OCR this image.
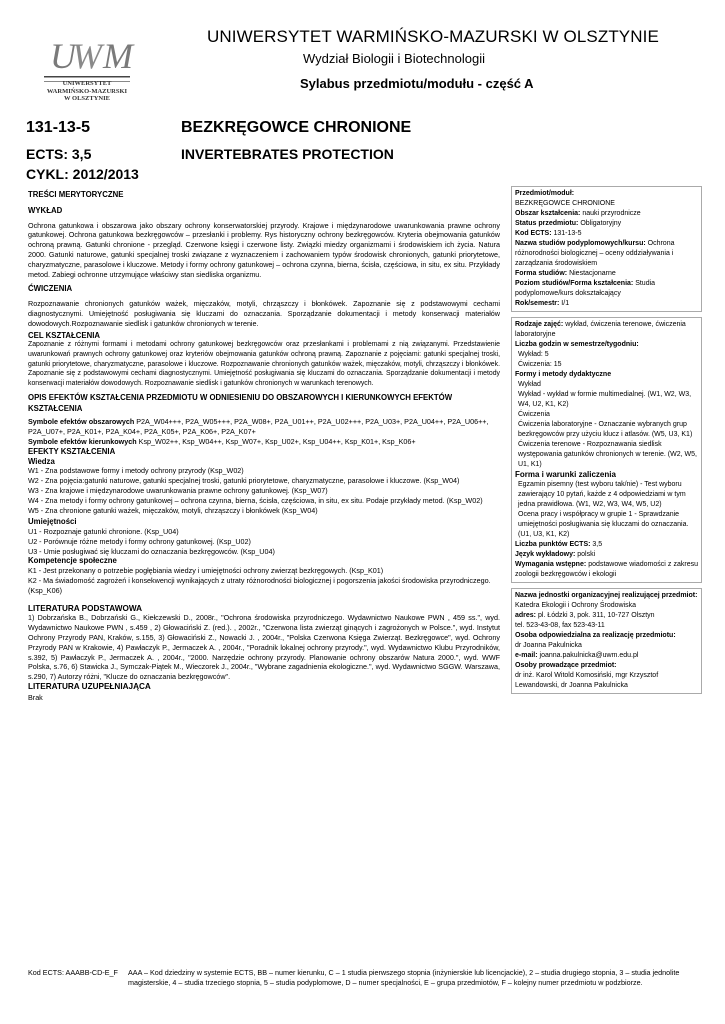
U
W M
UNIWERSYTET
WARMIŃSKO-MAZURSKI
W OLSZTYNIE
UNIWERSYTET WARMIŃSKO-MAZURSKI W OLSZTYNIE
Wydział Biologii i Biotechnologii
Sylabus przedmiotu/modułu - część A
131-13-5	BEZKRĘGOWCE CHRONIONE
ECTS: 3,5	INVERTEBRATES PROTECTION
CYKL: 2012/2013
TREŚCI MERYTORYCZNE
WYKŁAD

Ochrona gatunkowa i obszarowa jako obszary ochrony konserwatorskiej przyrody. Krajowe i międzynarodowe uwarunkowania prawne ochrony gatunkowej. Ochrona gatunkowa bezkręgowców – przesłanki i problemy. Rys historyczny ochrony bezkręgowców. Kryteria obejmowania gatunków ochroną prawną. Gatunki chronione - przegląd. Czerwone księgi i czerwone listy. Związki miedzy organizmami i środowiskiem ich życia. Natura 2000. Gatunki naturowe, gatunki specjalnej troski związane z wyznaczeniem i zachowaniem typów środowisk chronionych, gatunki priorytetowe, charyzmatyczne, parasolowe i kluczowe. Metody i formy ochrony gatunkowej – ochrona czynna, bierna, ścisła, częściowa, in situ, ex situ. Przykłady metod. Zabiegi ochronne utrzymujące właściwy stan siedliska organizmu.

ĆWICZENIA

Rozpoznawanie chronionych gatunków ważek, mięczaków, motyli, chrząszczy i błonkówek. Zapoznanie się z podstawowymi cechami diagnostycznymi. Umiejętność posługiwania się kluczami do oznaczania. Sporządzanie dokumentacji i metody konserwacji materiałów dowodowych.Rozpoznawanie siedlisk i gatunków chronionych w terenie.

CEL KSZTAŁCENIA

Zapoznanie z różnymi formami i metodami ochrony gatunkowej bezkręgowców oraz przesłankami i problemami z nią związanymi. Przedstawienie uwarunkowań prawnych ochrony gatunkowej oraz kryteriów obejmowania gatunków ochroną prawną. Zapoznanie z pojęciami: gatunki specjalnej troski, gatunki priorytetowe, charyzmatyczne, parasolowe i kluczowe. Rozpoznawanie chronionych gatunków ważek, mięczaków, motyli, chrząszczy i błonkówek. Zapoznanie się z podstawowymi cechami diagnostycznymi. Umiejętność posługiwania się kluczami do oznaczania. Sporządzanie dokumentacji i metody konserwacji materiałów dowodowych. Rozpoznawanie siedlisk i gatunków chronionych w warunkach terenowych.

OPIS EFEKTÓW KSZTAŁCENIA PRZEDMIOTU W ODNIESIENIU DO OBSZAROWYCH I KIERUNKOWYCH EFEKTÓW KSZTAŁCENIA

Symbole efektów obszarowych P2A_W04+++, P2A_W05+++, P2A_W08+, P2A_U01++, P2A_U02+++, P2A_U03+, P2A_U04++, P2A_U06++, P2A_U07+, P2A_K01+, P2A_K04+, P2A_K05+, P2A_K06+, P2A_K07+

Symbole efektów kierunkowych Ksp_W02++, Ksp_W04++, Ksp_W07+, Ksp_U02+, Ksp_U04++, Ksp_K01+, Ksp_K06+

EFEKTY KSZTAŁCENIA
Wiedza
W1 - Zna podstawowe formy i metody ochrony przyrody (Ksp_W02)
W2 - Zna pojęcia:gatunki naturowe, gatunki specjalnej troski, gatunki priorytetowe, charyzmatyczne, parasolowe i kluczowe. (Ksp_W04)
W3 - Zna krajowe i międzynarodowe uwarunkowania prawne ochrony gatunkowej. (Ksp_W07)
W4 - Zna metody i formy ochrony gatunkowej – ochrona czynna, bierna, ścisła, częściowa, in situ, ex situ. Podaje przykłady metod. (Ksp_W02)
W5 - Zna chronione gatunki ważek, mięczaków, motyli, chrząszczy i błonkówek (Ksp_W04)
Umiejętności
U1 - Rozpoznaje gatunki chronione. (Ksp_U04)
U2 - Porównuje różne metody i formy ochrony gatunkowej. (Ksp_U02)
U3 - Umie posługiwać się kluczami do oznaczania bezkręgowców. (Ksp_U04)
Kompetencje społeczne
K1 - Jest przekonany o potrzebie pogłębiania wiedzy i umiejętności ochrony zwierząt bezkręgowych. (Ksp_K01)
K2 - Ma świadomość zagrożeń i konsekwencji wynikających z utraty różnorodności biologicznej i pogorszenia jakości środowiska przyrodniczego. (Ksp_K06)
LITERATURA PODSTAWOWA

1) Dobrzańska B., Dobrzański G., Kiełczewski D., 2008r., "Ochrona środowiska przyrodniczego. Wydawnictwo Naukowe PWN , 459 ss.", wyd. Wydawnictwo Naukowe PWN , s.459 , 2) Głowaciński Z. (red.). , 2002r., "Czerwona lista zwierząt ginących i zagrożonych w Polsce.", wyd. Instytut Ochrony Przyrody PAN, Kraków, s.155, 3) Głowaciński Z., Nowacki J. , 2004r., "Polska Czerwona Księga Zwierząt. Bezkręgowce", wyd. Ochrony Przyrody PAN w Krakowie, 4) Pawłaczyk P., Jermaczek A. , 2004r., "Poradnik lokalnej ochrony przyrody.", wyd. Wydawnictwo Klubu Przyrodników, s.392, 5) Pawłaczyk P., Jermaczek A. , 2004r., "2000. Narzędzie ochrony przyrody. Planowanie ochrony obszarów Natura 2000.", wyd. WWF Polska, s.76, 6) Stawicka J., Symczak-Piątek M., Wieczorek J., 2004r., "Wybrane zagadnienia ekologiczne.", wyd. Wydawnictwo SGGW. Warszawa, s.290, 7) Autorzy różni, "Klucze do oznaczania bezkręgowców".

LITERATURA UZUPEŁNIAJĄCA

Brak

Przedmiot/moduł:
BEZKRĘGOWCE CHRONIONE
Obszar kształcenia: nauki przyrodnicze
Status przedmiotu: Obligatoryjny
Kod ECTS: 131-13-5
Nazwa studiów podyplomowych/kursu: Ochrona różnorodności biologicznej – oceny oddziaływania i zarządzania środowiskiem
Forma studiów: Niestacjonarne
Poziom studiów/Forma kształcenia: Studia podyplomowe/kurs dokształcający
Rok/semestr: I/1
Rodzaje zajęć: wykład, ćwiczenia terenowe, ćwiczenia laboratoryjne
Liczba godzin w semestrze/tygodniu:
Wykład: 5
Ćwiczenia: 15
Formy i metody dydaktyczne
Wykład
Wykład - wykład w formie multimedialnej. (W1, W2, W3, W4, U2, K1, K2)
Ćwiczenia
Ćwiczenia laboratoryjne - Oznaczanie wybranych grup bezkręgowców przy użyciu klucz i atlasów. (W5, U3, K1)
Ćwiczenia terenowe - Rozpoznawania siedlisk występowania gatunków chronionych w terenie. (W2, W5, U1, K1)
Forma i warunki zaliczenia
Egzamin pisemny (test wyboru tak/nie) - Test wyboru zawierający 10 pytań, każde z 4 odpowiedziami w tym jedna prawidłowa. (W1, W2, W3, W4, W5, U2)
Ocena pracy i współpracy w grupie 1 - Sprawdzanie umiejętności posługiwania się kluczami do oznaczania. (U1, U3, K1, K2)
Liczba punktów ECTS: 3,5
Język wykładowy: polski
Wymagania wstępne: podstawowe wiadomości z zakresu zoologii bezkręgowców i ekologii
Nazwa jednostki organizacyjnej realizującej przedmiot:
Katedra Ekologii i Ochrony Środowiska
adres: pl. Łódzki 3, pok. 311, 10-727 Olsztyn
tel. 523-43-08, fax 523-43-11
Osoba odpowiedzialna za realizację przedmiotu:
dr Joanna Pakulnicka
e-mail: joanna.pakulnicka@uwm.edu.pl
Osoby prowadzące przedmiot:
dr inż. Karol Witold Komosiński, mgr Krzysztof Lewandowski, dr Joanna Pakulnicka
Kod ECTS: AAABB-CD-E_F	AAA – Kod dziedziny w systemie ECTS, BB – numer kierunku, C – 1 studia pierwszego stopnia (inżynierskie lub licencjackie), 2 – studia drugiego stopnia, 3 – studia jednolite magisterskie, 4 – studia trzeciego stopnia, 5 – studia podyplomowe, D – numer specjalności, E – grupa przedmiotów, F – kolejny numer przedmiotu w podzbiorze.
